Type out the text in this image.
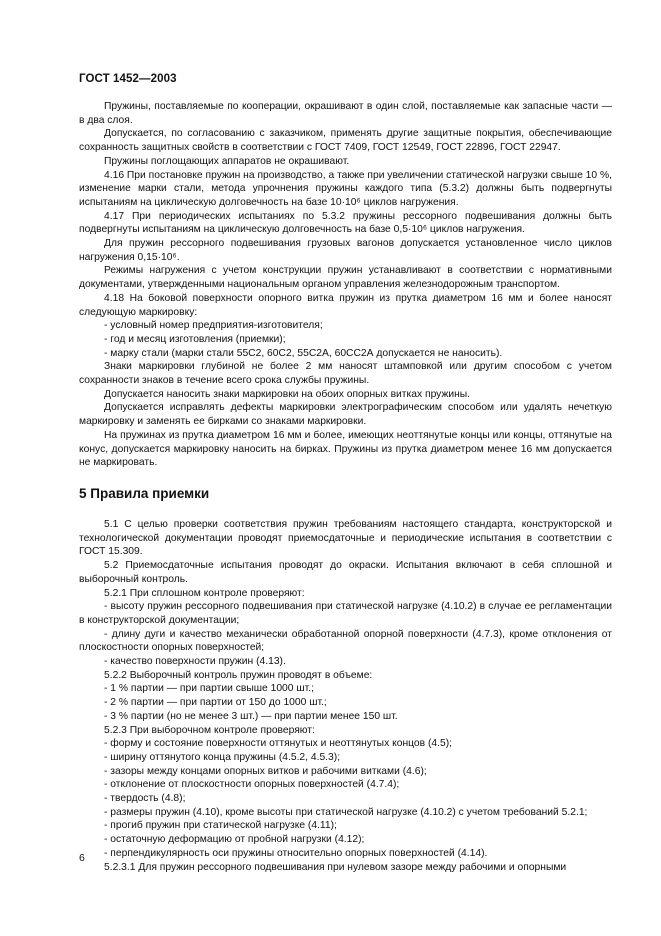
ГОСТ 1452—2003

Пружины, поставляемые по кооперации, окрашивают в один слой, поставляемые как запасные части — в два слоя.

Допускается, по согласованию с заказчиком, применять другие защитные покрытия, обеспечивающие сохранность защитных свойств в соответствии с ГОСТ 7409, ГОСТ 12549, ГОСТ 22896, ГОСТ 22947.

Пружины поглощающих аппаратов не окрашивают.

4.16 При постановке пружин на производство, а также при увеличении статической нагрузки свыше 10 %, изменение марки стали, метода упрочнения пружины каждого типа (5.3.2) должны быть подвергнуты испытаниям на циклическую долговечность на базе 10·10⁶ циклов нагружения.

4.17 При периодических испытаниях по 5.3.2 пружины рессорного подвешивания должны быть подвергнуты испытаниям на циклическую долговечность на базе 0,5·10⁶ циклов нагружения.

Для пружин рессорного подвешивания грузовых вагонов допускается установленное число циклов нагружения 0,15·10⁶.

Режимы нагружения с учетом конструкции пружин устанавливают в соответствии с нормативными документами, утвержденными национальным органом управления железнодорожным транспортом.

4.18 На боковой поверхности опорного витка пружин из прутка диаметром 16 мм и более наносят следующую маркировку:

- условный номер предприятия-изготовителя;

- год и месяц изготовления (приемки);

- марку стали (марки стали 55С2, 60С2, 55С2А, 60СС2А допускается не наносить).

Знаки маркировки глубиной не более 2 мм наносят штамповкой или другим способом с учетом сохранности знаков в течение всего срока службы пружины.

Допускается наносить знаки маркировки на обоих опорных витках пружины.

Допускается исправлять дефекты маркировки электрографическим способом или удалять нечеткую маркировку и заменять ее бирками со знаками маркировки.

На пружинах из прутка диаметром 16 мм и более, имеющих неоттянутые концы или концы, оттянутые на конус, допускается маркировку наносить на бирках. Пружины из прутка диаметром менее 16 мм допускается не маркировать.

5 Правила приемки

5.1 С целью проверки соответствия пружин требованиям настоящего стандарта, конструкторской и технологической документации проводят приемосдаточные и периодические испытания в соответствии с ГОСТ 15.309.

5.2 Приемосдаточные испытания проводят до окраски. Испытания включают в себя сплошной и выборочный контроль.

5.2.1 При сплошном контроле проверяют:

- высоту пружин рессорного подвешивания при статической нагрузке (4.10.2) в случае ее регламентации в конструкторской документации;

- длину дуги и качество механически обработанной опорной поверхности (4.7.3), кроме отклонения от плоскостности опорных поверхностей;

- качество поверхности пружин (4.13).

5.2.2 Выборочный контроль пружин проводят в объеме:

- 1 % партии — при партии свыше 1000 шт.;

- 2 % партии — при партии от 150 до 1000 шт.;

- 3 % партии (но не менее 3 шт.) — при партии менее 150 шт.

5.2.3 При выборочном контроле проверяют:

- форму и состояние поверхности оттянутых и неоттянутых концов (4.5);

- ширину оттянутого конца пружины (4.5.2, 4.5.3);

- зазоры между концами опорных витков и рабочими витками (4.6);

- отклонение от плоскостности опорных поверхностей (4.7.4);

- твердость (4.8);

- размеры пружин (4.10), кроме высоты при статической нагрузке (4.10.2) с учетом требований 5.2.1;

- прогиб пружин при статической нагрузке (4.11);

- остаточную деформацию от пробной нагрузки (4.12);

- перпендикулярность оси пружины относительно опорных поверхностей (4.14).

5.2.3.1 Для пружин рессорного подвешивания при нулевом зазоре между рабочими и опорными

6
